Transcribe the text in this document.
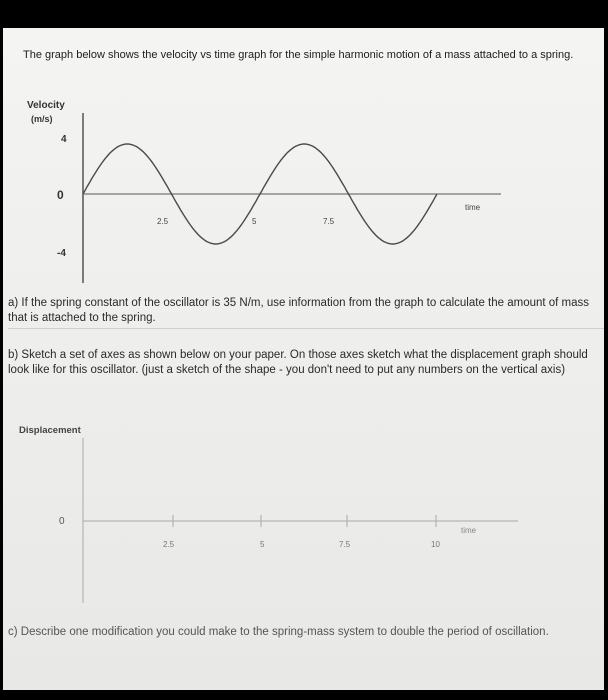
The graph below shows the velocity vs time graph for the simple harmonic motion of a mass attached to a spring.
Velocity
(m/s)
4
0
-4
2.5	5	7.5
time
a) If the spring constant of the oscillator is 35 N/m, use information from the graph to calculate the amount of mass that is attached to the spring.
b) Sketch a set of axes as shown below on your paper. On those axes sketch what the displacement graph should look like for this oscillator. (just a sketch of the shape - you don't need to put any numbers on the vertical axis)
Displacement
0
2.5	5	7.5	10
time
c) Describe one modification you could make to the spring-mass system to double the period of oscillation.
